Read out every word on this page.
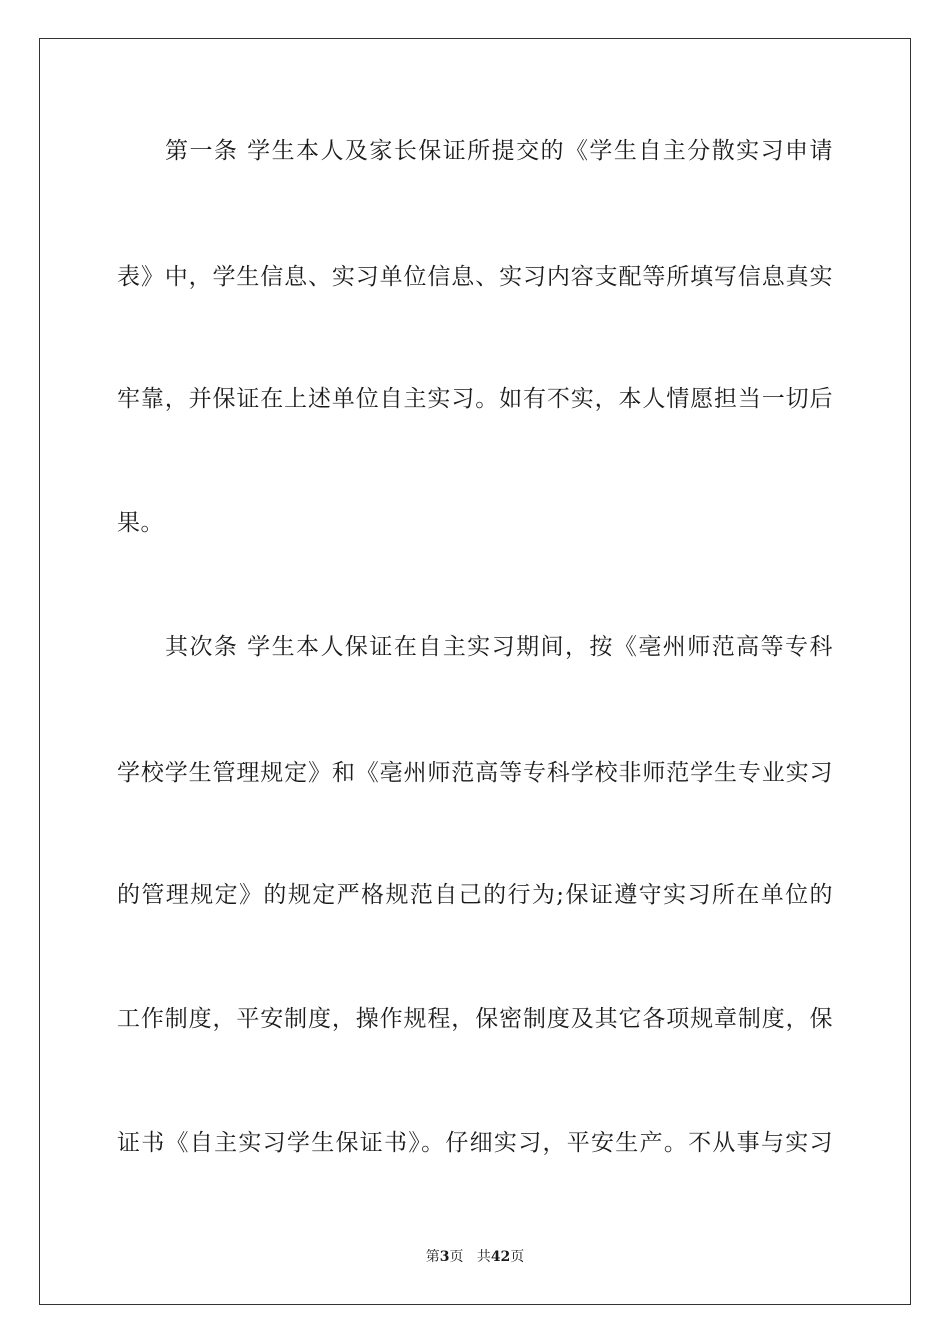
第一条 学生本人及家长保证所提交的《学生自主分散实习申请
表》中，学生信息、实习单位信息、实习内容支配等所填写信息真实
牢靠，并保证在上述单位自主实习。如有不实，本人情愿担当一切后
果。
其次条 学生本人保证在自主实习期间，按《亳州师范高等专科
学校学生管理规定》和《亳州师范高等专科学校非师范学生专业实习
的管理规定》的规定严格规范自己的行为;保证遵守实习所在单位的
工作制度，平安制度，操作规程，保密制度及其它各项规章制度，保
证书《自主实习学生保证书》。仔细实习，平安生产。不从事与实习
第3页 共42页
